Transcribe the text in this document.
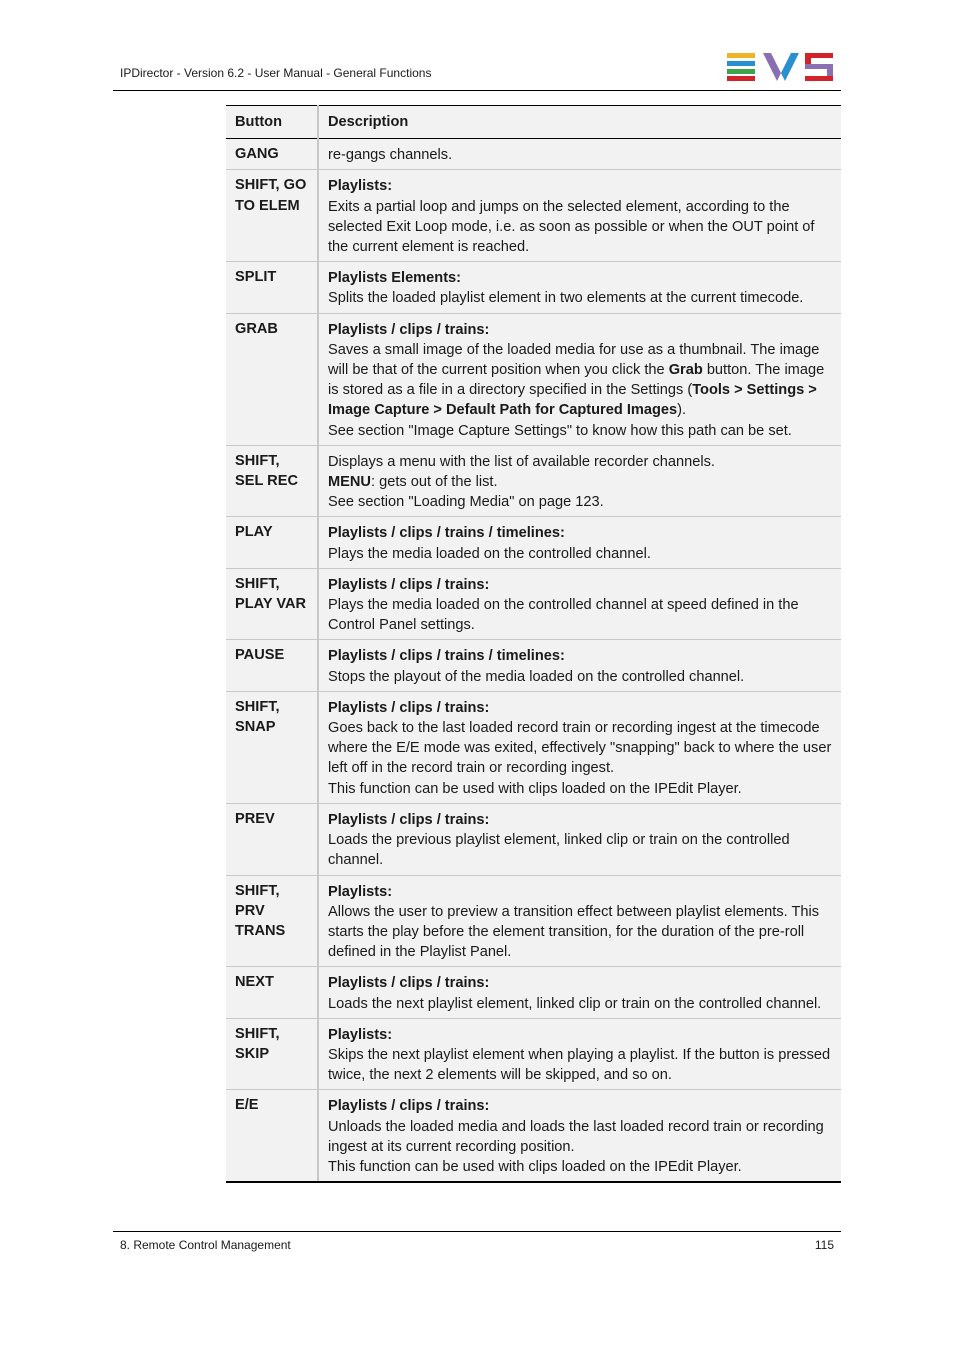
IPDirector - Version 6.2 - User Manual - General Functions
Button	Description
GANG	re-gangs channels.

SHIFT, GO TO ELEM	Playlists:
Exits a partial loop and jumps on the selected element, according to the selected Exit Loop mode, i.e. as soon as possible or when the OUT point of the current element is reached.

SPLIT	Playlists Elements:
Splits the loaded playlist element in two elements at the current timecode.

GRAB	Playlists / clips / trains:
Saves a small image of the loaded media for use as a thumbnail. The image will be that of the current position when you click the Grab button. The image is stored as a file in a directory specified in the Settings (Tools > Settings > Image Capture > Default Path for Captured Images).
See section "Image Capture Settings" to know how this path can be set.

SHIFT, SEL REC	Displays a menu with the list of available recorder channels.
MENU: gets out of the list.
See section "Loading Media" on page 123.

PLAY	Playlists / clips / trains / timelines:
Plays the media loaded on the controlled channel.

SHIFT, PLAY VAR	Playlists / clips / trains:
Plays the media loaded on the controlled channel at speed defined in the Control Panel settings.

PAUSE	Playlists / clips / trains / timelines:
Stops the playout of the media loaded on the controlled channel.

SHIFT, SNAP	Playlists / clips / trains:
Goes back to the last loaded record train or recording ingest at the timecode where the E/E mode was exited, effectively "snapping" back to where the user left off in the record train or recording ingest.
This function can be used with clips loaded on the IPEdit Player.

PREV	Playlists / clips / trains:
Loads the previous playlist element, linked clip or train on the controlled channel.

SHIFT, PRV TRANS	Playlists:
Allows the user to preview a transition effect between playlist elements. This starts the play before the element transition, for the duration of the pre-roll defined in the Playlist Panel.

NEXT	Playlists / clips / trains:
Loads the next playlist element, linked clip or train on the controlled channel.

SHIFT, SKIP	Playlists:
Skips the next playlist element when playing a playlist. If the button is pressed twice, the next 2 elements will be skipped, and so on.

E/E	Playlists / clips / trains:
Unloads the loaded media and loads the last loaded record train or recording ingest at its current recording position.
This function can be used with clips loaded on the IPEdit Player.
8. Remote Control Management	115
